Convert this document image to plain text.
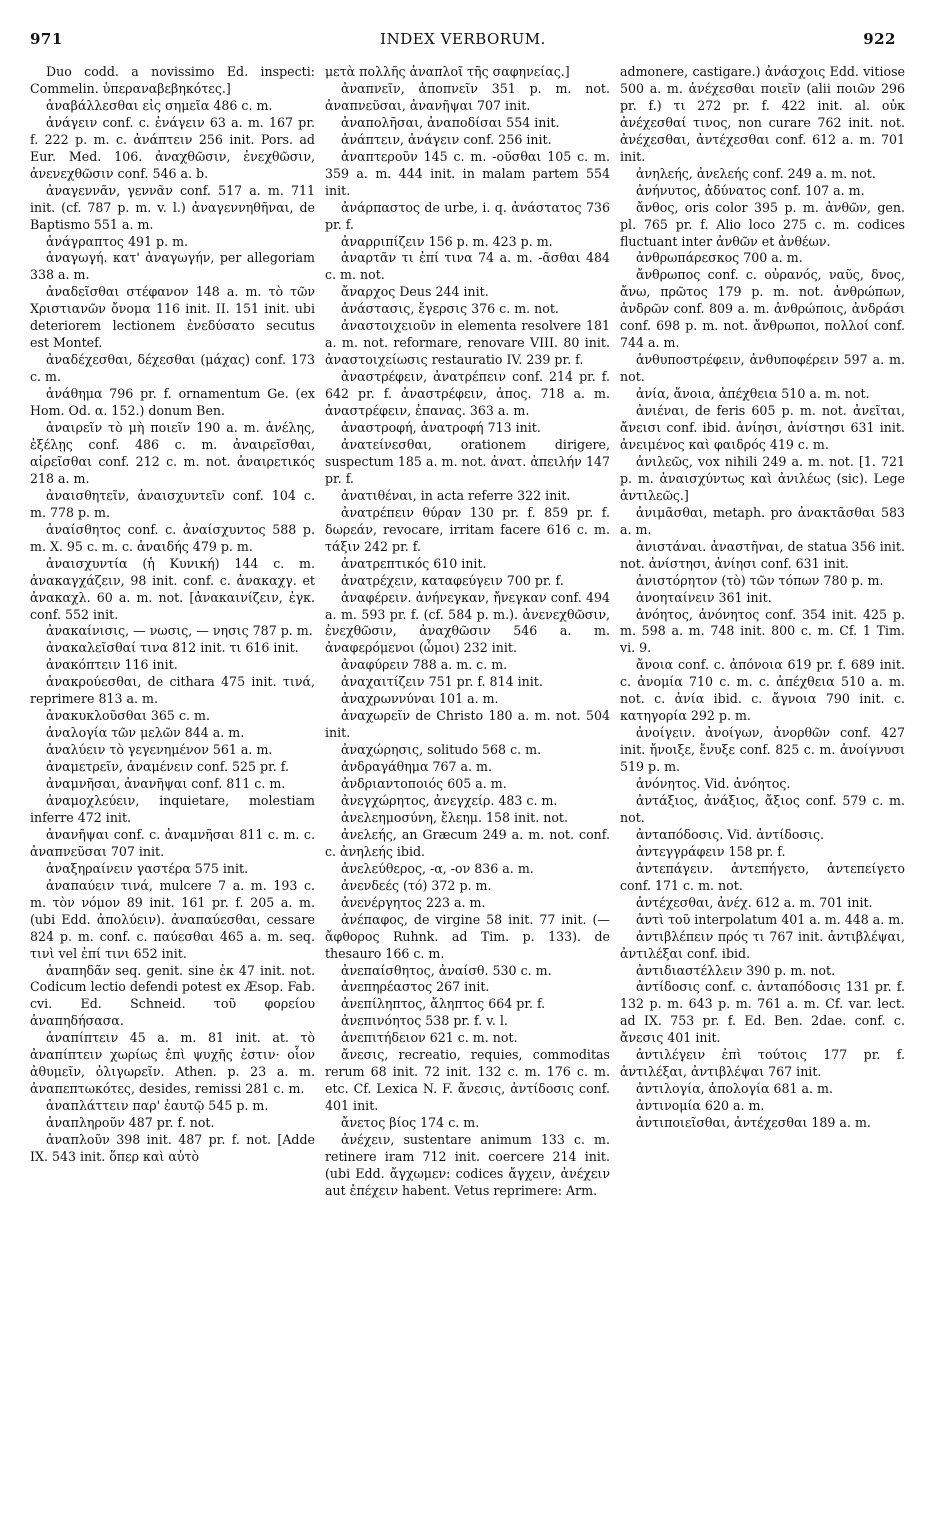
971	INDEX VERBORUM.	922

Duo codd. a novissimo Ed. inspecti: Commelin. ὑπεραναβεβηκότες.]

ἀναβάλλεσθαι εἰς σημεῖα 486 c. m.

ἀνάγειν conf. c. ἐνάγειν 63 a. m. 167 pr. f. 222 p. m. c. ἀνάπτειν 256 init. Pors. ad Eur. Med. 106. ἀναχθῶσιν, ἐνεχθῶσιν, ἀνενεχθῶσιν conf. 546 a. b.

ἀναγεννᾶν, γεννᾶν conf. 517 a. m. 711 init. (cf. 787 p. m. v. l.) ἀναγεννηθῆναι, de Baptismo 551 a. m.

ἀνάγραπτος 491 p. m.

ἀναγωγή. κατ' ἀναγωγήν, per allegoriam 338 a. m.

ἀναδεῖσθαι στέφανον 148 a. m. τὸ τῶν Χριστιανῶν ὄνομα 116 init. II. 151 init. ubi deteriorem lectionem ἐνεδύσατο secutus est Montef.

ἀναδέχεσθαι, δέχεσθαι (μάχας) conf. 173 c. m.

ἀνάθημα 796 pr. f. ornamentum Ge. (ex Hom. Od. α. 152.) donum Ben.

ἀναιρεῖν τὸ μὴ ποιεῖν 190 a. m. ἀνέλης, ἐξέλῃς conf. 486 c. m. ἀναιρεῖσθαι, αἱρεῖσθαι conf. 212 c. m. not. ἀναιρετικός 218 a. m.

ἀναισθητεῖν, ἀναισχυντεῖν conf. 104 c. m. 778 p. m.

ἀναίσθητος conf. c. ἀναίσχυντος 588 p. m. X. 95 c. m. c. ἀναιδής 479 p. m.

ἀναισχυντία (ἡ Κυνική) 144 c. m. ἀνακαγχάζειν, 98 init. conf. c. ἀνακαχγ. et ἀνακαχλ. 60 a. m. not. [ἀνακαινίζειν, ἐγκ. conf. 552 init.

ἀνακαίνισις, — νωσις, — νησις 787 p. m.

ἀνακαλεῖσθαί τινα 812 init. τι 616 init.

ἀνακόπτειν 116 init.

ἀνακρούεσθαι, de cithara 475 init. τινά, reprimere 813 a. m.

ἀνακυκλοῦσθαι 365 c. m.

ἀναλογία τῶν μελῶν 844 a. m.

ἀναλύειν τὸ γεγενημένον 561 a. m.

ἀναμετρεῖν, ἀναμένειν conf. 525 pr. f.

ἀναμνῆσαι, ἀνανῆψαι conf. 811 c. m.

ἀναμοχλεύειν, inquietare, molestiam inferre 472 init.

ἀνανῆψαι conf. c. ἀναμνῆσαι 811 c. m. c. ἀναπνεῦσαι 707 init.

ἀναξηραίνειν γαστέρα 575 init.

ἀναπαύειν τινά, mulcere 7 a. m. 193 c. m. τὸν νόμον 89 init. 161 pr. f. 205 a. m. (ubi Edd. ἀπολύειν). ἀναπαύεσθαι, cessare 824 p. m. conf. c. παύεσθαι 465 a. m. seq. τινὶ vel ἐπί τινι 652 init.

ἀναπηδᾶν seq. genit. sine ἐκ 47 init. not. Codicum lectio defendi potest ex Æsop. Fab. cvi. Ed. Schneid. τοῦ φορείου ἀναπηδήσασα.

ἀναπίπτειν 45 a. m. 81 init. at. τὸ ἀναπίπτειν χωρίως ἐπὶ ψυχῆς ἐστιν· οἷον ἀθυμεῖν, ὀλιγωρεῖν. Athen. p. 23 a. m. ἀναπεπτωκότες, desides, remissi 281 c. m.

ἀναπλάττειν παρ' ἑαυτῷ 545 p. m.

ἀναπληροῦν 487 pr. f. not.

ἀναπλοῦν 398 init. 487 pr. f. not. [Adde IX. 543 init. ὅπερ καὶ αὐτὸ

μετὰ πολλῆς ἀναπλοῖ τῆς σαφηνείας.]

ἀναπνεῖν, ἀποπνεῖν 351 p. m. not. ἀναπνεῦσαι, ἀνανῆψαι 707 init.

ἀναπολῆσαι, ἀναποδίσαι 554 init.

ἀνάπτειν, ἀνάγειν conf. 256 init.

ἀναπτεροῦν 145 c. m. -οῦσθαι 105 c. m. 359 a. m. 444 init. in malam partem 554 init.

ἀνάρπαστος de urbe, i. q. ἀνάστατος 736 pr. f.

ἀναρριπίζειν 156 p. m. 423 p. m.

ἀναρτᾶν τι ἐπί τινα 74 a. m. -ᾶσθαι 484 c. m. not.

ἄναρχος Deus 244 init.

ἀνάστασις, ἔγερσις 376 c. m. not.

ἀναστοιχειοῦν in elementa resolvere 181 a. m. not. reformare, renovare VIII. 80 init. ἀναστοιχείωσις restauratio IV. 239 pr. f.

ἀναστρέφειν, ἀνατρέπειν conf. 214 pr. f. 642 pr. f. ἀναστρέφειν, ἀπος. 718 a. m. ἀναστρέφειν, ἐπανας. 363 a. m.

ἀναστροφή, ἀνατροφή 713 init.

ἀνατείνεσθαι, orationem dirigere, suspectum 185 a. m. not. ἀνατ. ἀπειλήν 147 pr. f.

ἀνατιθέναι, in acta referre 322 init.

ἀνατρέπειν θύραν 130 pr. f. 859 pr. f. δωρεάν, revocare, irritam facere 616 c. m. τάξιν 242 pr. f.

ἀνατρεπτικός 610 init.

ἀνατρέχειν, καταφεύγειν 700 pr. f.

ἀναφέρειν. ἀνήνεγκαν, ἤνεγκαν conf. 494 a. m. 593 pr. f. (cf. 584 p. m.). ἀνενεχθῶσιν, ἐνεχθῶσιν, ἀναχθῶσιν 546 a. m. ἀναφερόμενοι (ὦμοι) 232 init.

ἀναφύρειν 788 a. m. c. m.

ἀναχαιτίζειν 751 pr. f. 814 init.

ἀναχρωννύναι 101 a. m.

ἀναχωρεῖν de Christo 180 a. m. not. 504 init.

ἀναχώρησις, solitudo 568 c. m.

ἀνδραγάθημα 767 a. m.

ἀνδριαντοποιός 605 a. m.

ἀνεγχώρητος, ἀνεγχείρ. 483 c. m.

ἀνελεημοσύνη, ἔλεημ. 158 init. not.

ἀνελεής, an Græcum 249 a. m. not. conf. c. ἀνηλεής ibid.

ἀνελεύθερος, -α, -ον 836 a. m.

ἀνενδεές (τό) 372 p. m.

ἀνενέργητος 223 a. m.

ἀνέπαφος, de virgine 58 init. 77 init. (— ἄφθορος Ruhnk. ad Tim. p. 133). de thesauro 166 c. m.

ἀνεπαίσθητος, ἀναίσθ. 530 c. m.

ἀνεπηρέαστος 267 init.

ἀνεπίληπτος, ἄληπτος 664 pr. f.

ἀνεπινόητος 538 pr. f. v. l.

ἀνεπιτήδειον 621 c. m. not.

ἄνεσις, recreatio, requies, commoditas rerum 68 init. 72 init. 132 c. m. 176 c. m. etc. Cf. Lexica N. F. ἄνεσις, ἀντίδοσις conf. 401 init.

ἄνετος βίος 174 c. m.

ἀνέχειν, sustentare animum 133 c. m. retinere iram 712 init. coercere 214 init. (ubi Edd. ἄγχωμεν: codices ἄγχειν, ἀνέχειν aut ἐπέχειν habent. Vetus reprimere: Arm.

admonere, castigare.) ἀνάσχοις Edd. vitiose 500 a. m. ἀνέχεσθαι ποιεῖν (alii ποιῶν 296 pr. f.) τι 272 pr. f. 422 init. al. οὐκ ἀνέχεσθαί τινος, non curare 762 init. not. ἀνέχεσθαι, ἀντέχεσθαι conf. 612 a. m. 701 init.

ἀνηλεής, ἀνελεής conf. 249 a. m. not.

ἀνήνυτος, ἀδύνατος conf. 107 a. m.

ἄνθος, oris color 395 p. m. ἀνθῶν, gen. pl. 765 pr. f. Alio loco 275 c. m. codices fluctuant inter ἀνθῶν et ἀνθέων.

ἀνθρωπάρεσκος 700 a. m.

ἄνθρωπος conf. c. οὐρανός, ναῦς, δνος, ἄνω, πρῶτος 179 p. m. not. ἀνθρώπων, ἀνδρῶν conf. 809 a. m. ἀνθρώποις, ἀνδράσι conf. 698 p. m. not. ἄνθρωποι, πολλοί conf. 744 a. m.

ἀνθυποστρέφειν, ἀνθυποφέρειν 597 a. m. not.

ἀνία, ἄνοια, ἀπέχθεια 510 a. m. not.

ἀνιέναι, de feris 605 p. m. not. ἀνεῖται, ἄνεισι conf. ibid. ἀνίησι, ἀνίστησι 631 init. ἀνειμένος καὶ φαιδρός 419 c. m.

ἀνιλεῶς, vox nihili 249 a. m. not. [1. 721 p. m. ἀναισχύντως καὶ ἀνιλέως (sic). Lege ἀντιλεῶς.]

ἀνιμᾶσθαι, metaph. pro ἀνακτᾶσθαι 583 a. m.

ἀνιστάναι. ἀναστῆναι, de statua 356 init. not. ἀνίστησι, ἀνίησι conf. 631 init.

ἀνιστόρητον (τὸ) τῶν τόπων 780 p. m.

ἀνοηταίνειν 361 init.

ἀνόητος, ἀνόνητος conf. 354 init. 425 p. m. 598 a. m. 748 init. 800 c. m. Cf. 1 Tim. vi. 9.

ἄνοια conf. c. ἀπόνοια 619 pr. f. 689 init. c. ἀνομία 710 c. m. c. ἀπέχθεια 510 a. m. not. c. ἀνία ibid. c. ἄγνοια 790 init. c. κατηγορία 292 p. m.

ἀνοίγειν. ἀνοίγων, ἀνορθῶν conf. 427 init. ἤνοιξε, ἔνυξε conf. 825 c. m. ἀνοίγνυσι 519 p. m.

ἀνόνητος. Vid. ἀνόητος.

ἀντάξιος, ἀνάξιος, ἄξιος conf. 579 c. m. not.

ἀνταπόδοσις. Vid. ἀντίδοσις.

ἀντεγγράφειν 158 pr. f.

ἀντεπάγειν. ἀντεπήγετο, ἀντεπείγετο conf. 171 c. m. not.

ἀντέχεσθαι, ἀνέχ. 612 a. m. 701 init.

ἀντὶ τοῦ interpolatum 401 a. m. 448 a. m.

ἀντιβλέπειν πρός τι 767 init. ἀντιβλέψαι, ἀντιλέξαι conf. ibid.

ἀντιδιαστέλλειν 390 p. m. not.

ἀντίδοσις conf. c. ἀνταπόδοσις 131 pr. f. 132 p. m. 643 p. m. 761 a. m. Cf. var. lect. ad IX. 753 pr. f. Ed. Ben. 2dae. conf. c. ἄνεσις 401 init.

ἀντιλέγειν ἐπὶ τούτοις 177 pr. f. ἀντιλέξαι, ἀντιβλέψαι 767 init.

ἀντιλογία, ἀπολογία 681 a. m.

ἀντινομία 620 a. m.

ἀντιποιεῖσθαι, ἀντέχεσθαι 189 a. m.
